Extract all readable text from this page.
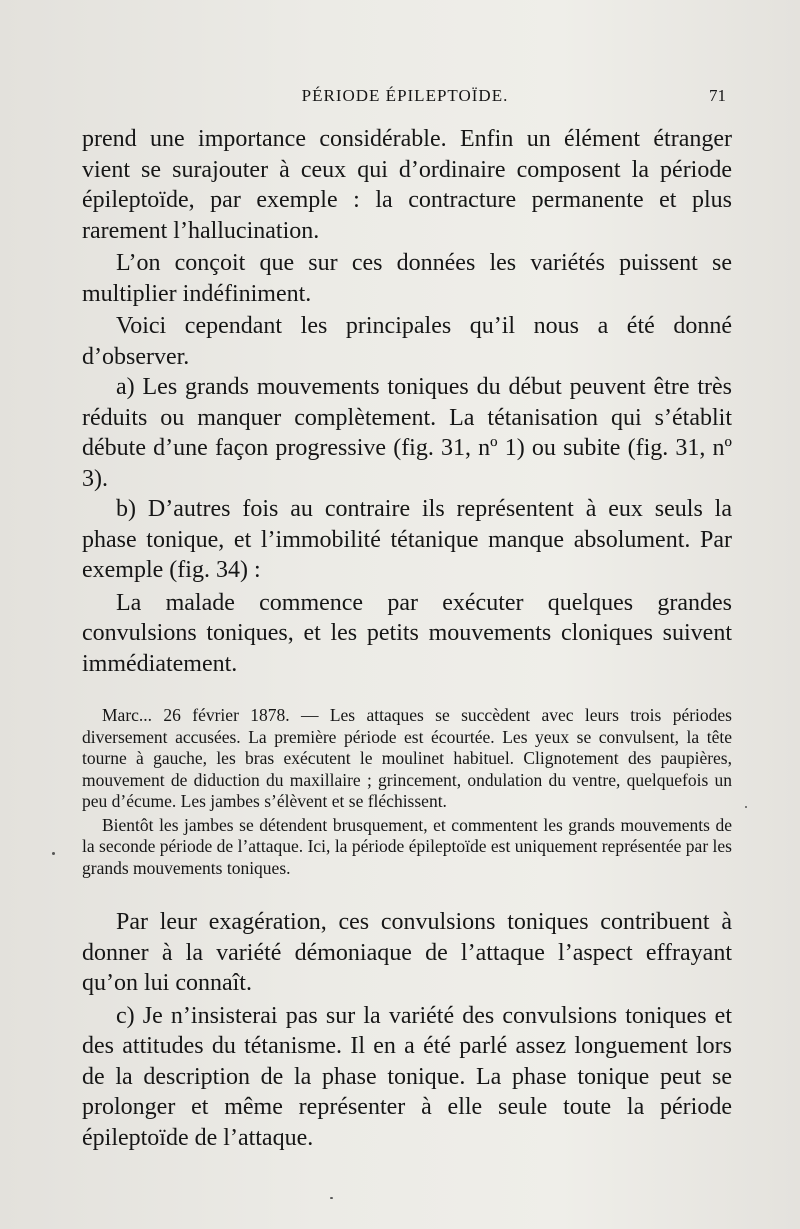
PÉRIODE ÉPILEPTOÏDE.	71

prend une importance considérable. Enfin un élément étranger vient se surajouter à ceux qui d’ordinaire composent la période épileptoïde, par exemple : la contracture permanente et plus rarement l’hallucination.

L’on conçoit que sur ces données les variétés puissent se multiplier indéfiniment.

Voici cependant les principales qu’il nous a été donné d’observer.

a) Les grands mouvements toniques du début peuvent être très réduits ou manquer complètement. La tétanisation qui s’établit débute d’une façon progressive (fig. 31, nº 1) ou subite (fig. 31, nº 3).

b) D’autres fois au contraire ils représentent à eux seuls la phase tonique, et l’immobilité tétanique manque absolument. Par exemple (fig. 34) :

La malade commence par exécuter quelques grandes convulsions toniques, et les petits mouvements cloniques suivent immédiatement.

Marc... 26 février 1878. — Les attaques se succèdent avec leurs trois périodes diversement accusées. La première période est écourtée. Les yeux se convulsent, la tête tourne à gauche, les bras exécutent le moulinet habituel. Clignotement des paupières, mouvement de diduction du maxillaire ; grincement, ondulation du ventre, quelquefois un peu d’écume. Les jambes s’élèvent et se fléchissent.

Bientôt les jambes se détendent brusquement, et commentent les grands mouvements de la seconde période de l’attaque. Ici, la période épileptoïde est uniquement représentée par les grands mouvements toniques.

Par leur exagération, ces convulsions toniques contribuent à donner à la variété démoniaque de l’attaque l’aspect effrayant qu’on lui connaît.

c) Je n’insisterai pas sur la variété des convulsions toniques et des attitudes du tétanisme. Il en a été parlé assez longuement lors de la description de la phase tonique. La phase tonique peut se prolonger et même représenter à elle seule toute la période épileptoïde de l’attaque.
